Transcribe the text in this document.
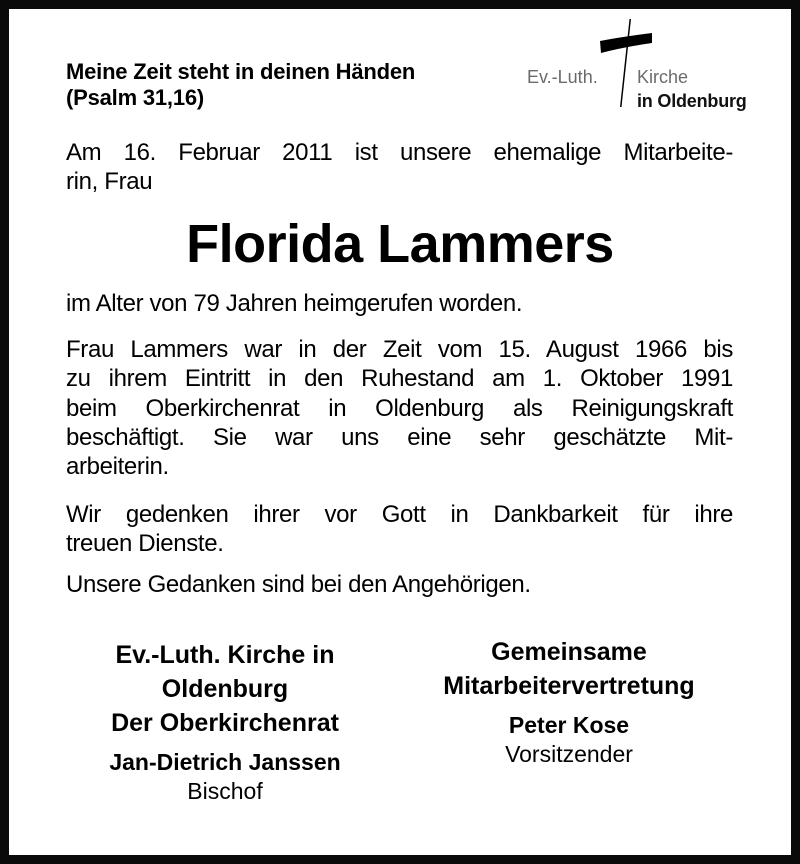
Meine Zeit steht in deinen Händen
(Psalm 31,16)
Ev.-Luth. Kirche
in Oldenburg
Am 16. Februar 2011 ist unsere ehemalige Mitarbeite-
rin, Frau
Florida Lammers
im Alter von 79 Jahren heimgerufen worden.
Frau Lammers war in der Zeit vom 15. August 1966 bis
zu ihrem Eintritt in den Ruhestand am 1. Oktober 1991
beim Oberkirchenrat in Oldenburg als Reinigungskraft
beschäftigt. Sie war uns eine sehr geschätzte Mit-
arbeiterin.
Wir gedenken ihrer vor Gott in Dankbarkeit für ihre
treuen Dienste.
Unsere Gedanken sind bei den Angehörigen.
Ev.-Luth. Kirche in
Oldenburg
Der Oberkirchenrat
Jan-Dietrich Janssen
Bischof
Gemeinsame
Mitarbeitervertretung
Peter Kose
Vorsitzender
